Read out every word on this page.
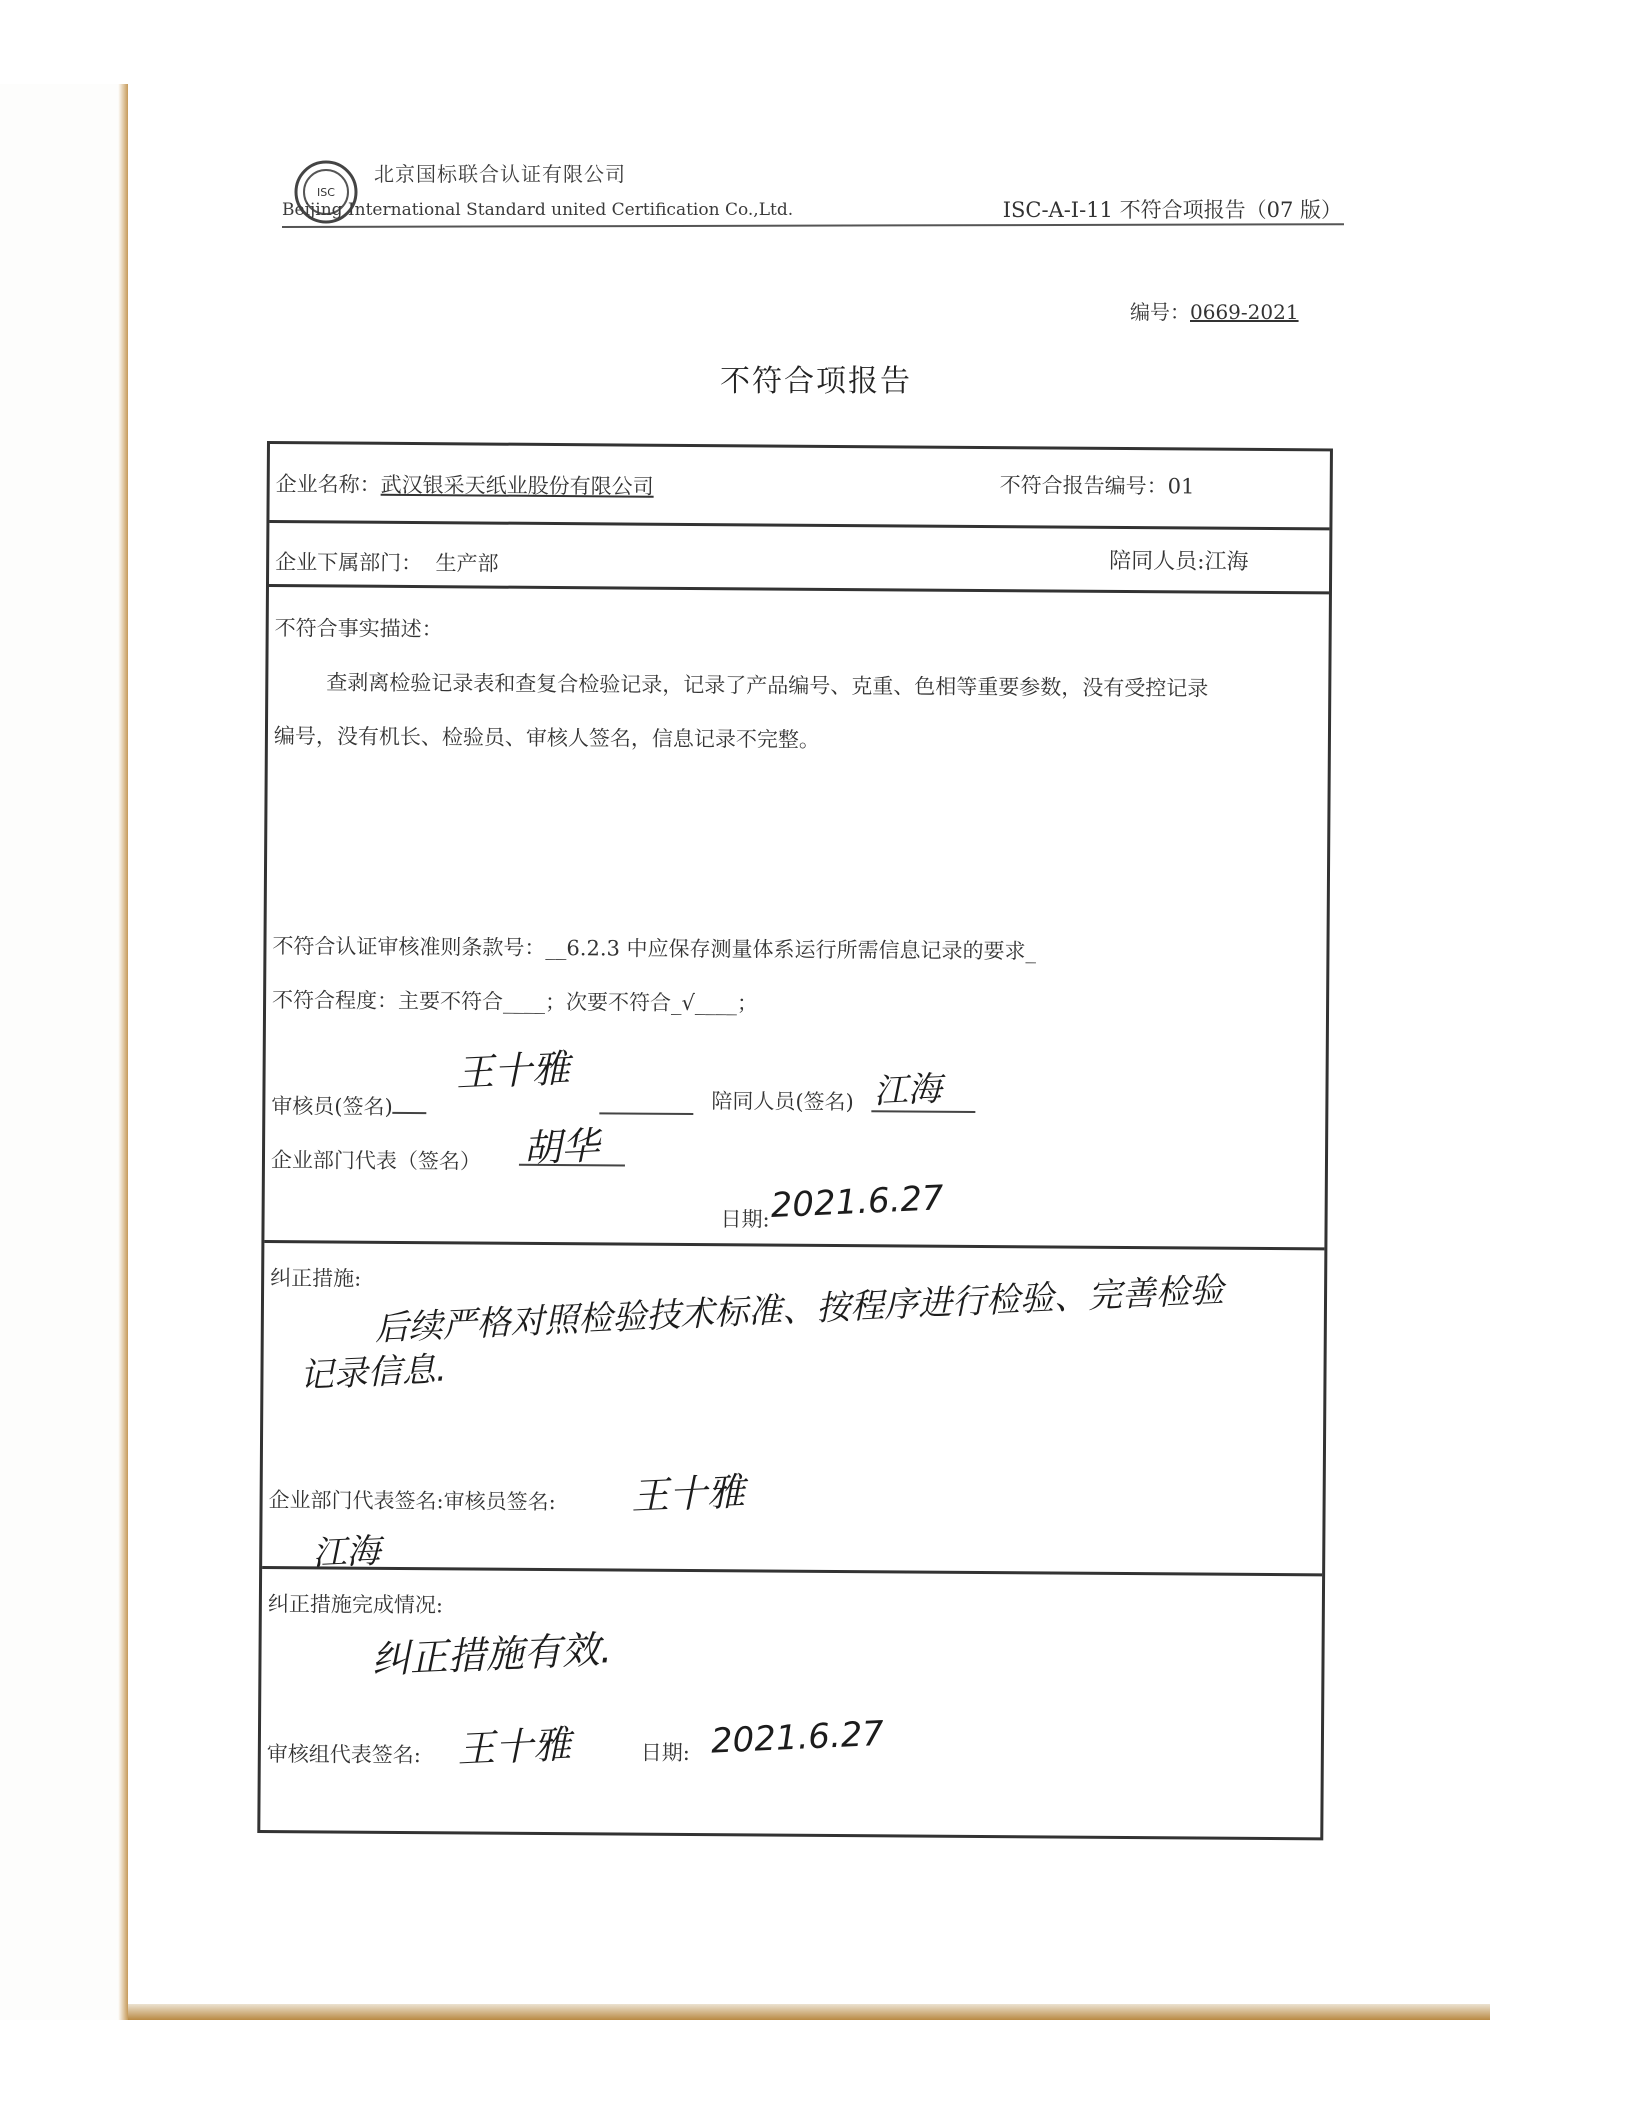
ISC
北京国标联合认证有限公司
Beijing International Standard united Certification Co.,Ltd.	ISC-A-I-11 不符合项报告（07 版）
编号：0669-2021
不符合项报告
企业名称：武汉银采天纸业股份有限公司	不符合报告编号：01
企业下属部门： 生产部	陪同人员:江海
不符合事实描述：
查剥离检验记录表和查复合检验记录，记录了产品编号、克重、色相等重要参数，没有受控记录
编号，没有机长、检验员、审核人签名，信息记录不完整。
不符合认证审核准则条款号：__6.2.3 中应保存测量体系运行所需信息记录的要求_
不符合程度：主要不符合____；次要不符合_√____；
审核员(签名)
王十雅
陪同人员(签名) 江海
企业部门代表（签名） 胡华
日期: 2021.6.27
纠正措施: 后续严格对照检验技术标准、按程序进行检验、完善检验
记录信息.
企业部门代表签名:审核员签名: 王十雅
江海
纠正措施完成情况:
纠正措施有效.
审核组代表签名: 王十雅	日期: 2021.6.27
